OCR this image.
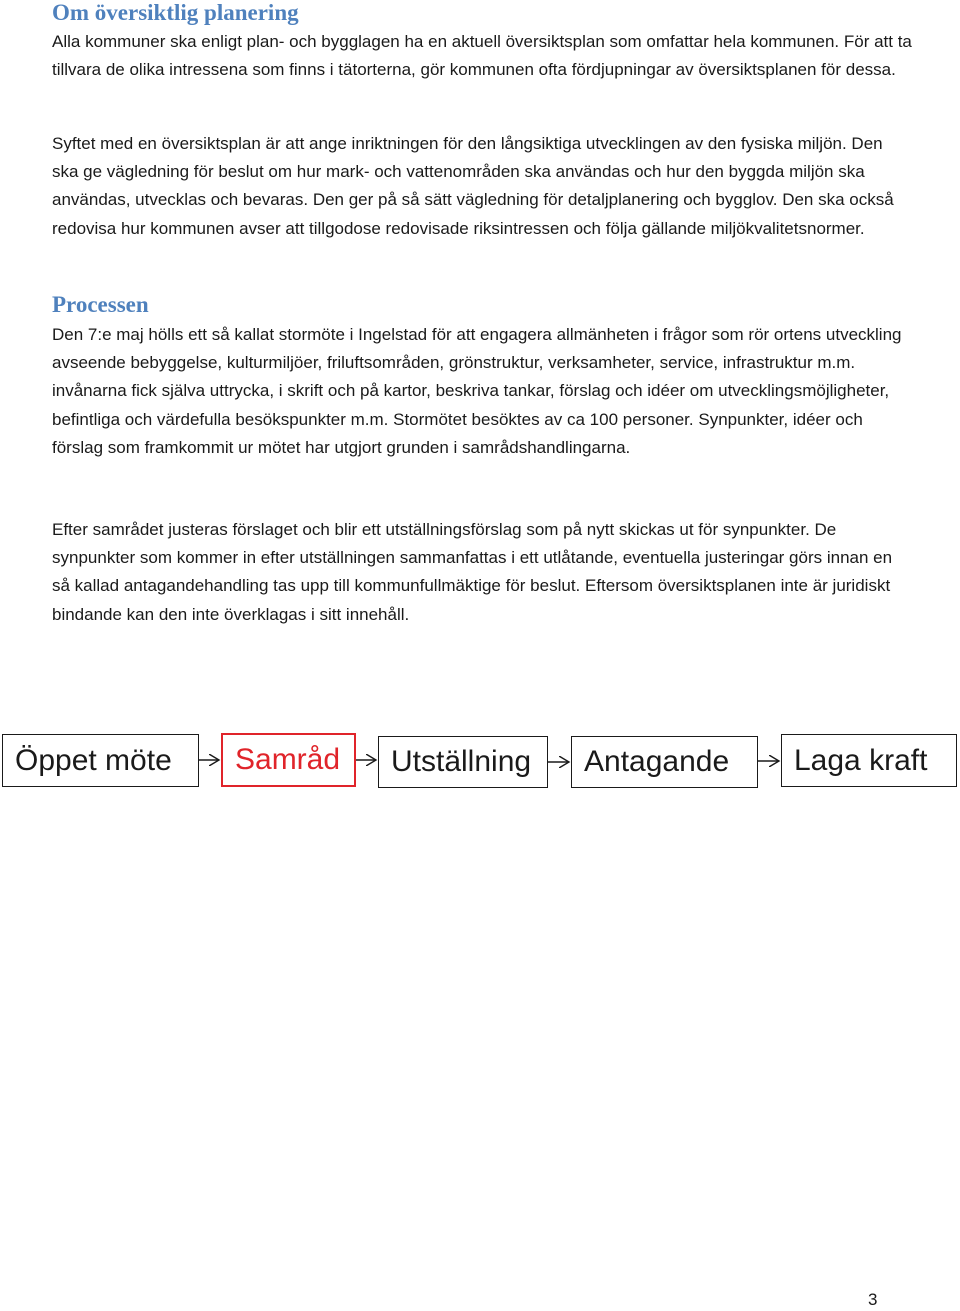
Om översiktlig planering

Alla kommuner ska enligt plan- och bygglagen ha en aktuell översiktsplan som omfattar hela kommunen. För att ta tillvara de olika intressena som finns i tätorterna, gör kommunen ofta fördjupningar av översiktsplanen för dessa.

Syftet med en översiktsplan är att ange inriktningen för den långsiktiga utvecklingen av den fysiska miljön. Den ska ge vägledning för beslut om hur mark- och vattenområden ska användas och hur den byggda miljön ska användas, utvecklas och bevaras. Den ger på så sätt vägledning för detaljplanering och bygglov. Den ska också redovisa hur kommunen avser att tillgodose redovisade riksintressen och följa gällande miljökvalitetsnormer.

Processen

Den 7:e maj hölls ett så kallat stormöte i Ingelstad för att engagera allmänheten i frågor som rör ortens utveckling avseende bebyggelse, kulturmiljöer, friluftsområden, grönstruktur, verksamheter, service, infrastruktur m.m. invånarna fick själva uttrycka, i skrift och på kartor, beskriva tankar, förslag och idéer om utvecklingsmöjligheter, befintliga och värdefulla besökspunkter m.m. Stormötet besöktes av ca 100 personer. Synpunkter, idéer och förslag som framkommit ur mötet har utgjort grunden i samrådshandlingarna.

Efter samrådet justeras förslaget och blir ett utställningsförslag som på nytt skickas ut för synpunkter. De synpunkter som kommer in efter utställningen sammanfattas i ett utlåtande, eventuella justeringar görs innan en så kallad antagandehandling tas upp till kommunfullmäktige för beslut. Eftersom översiktsplanen inte är juridiskt bindande kan den inte överklagas i sitt innehåll.

Öppet möte Samråd Utställning Antagande Laga kraft
3
